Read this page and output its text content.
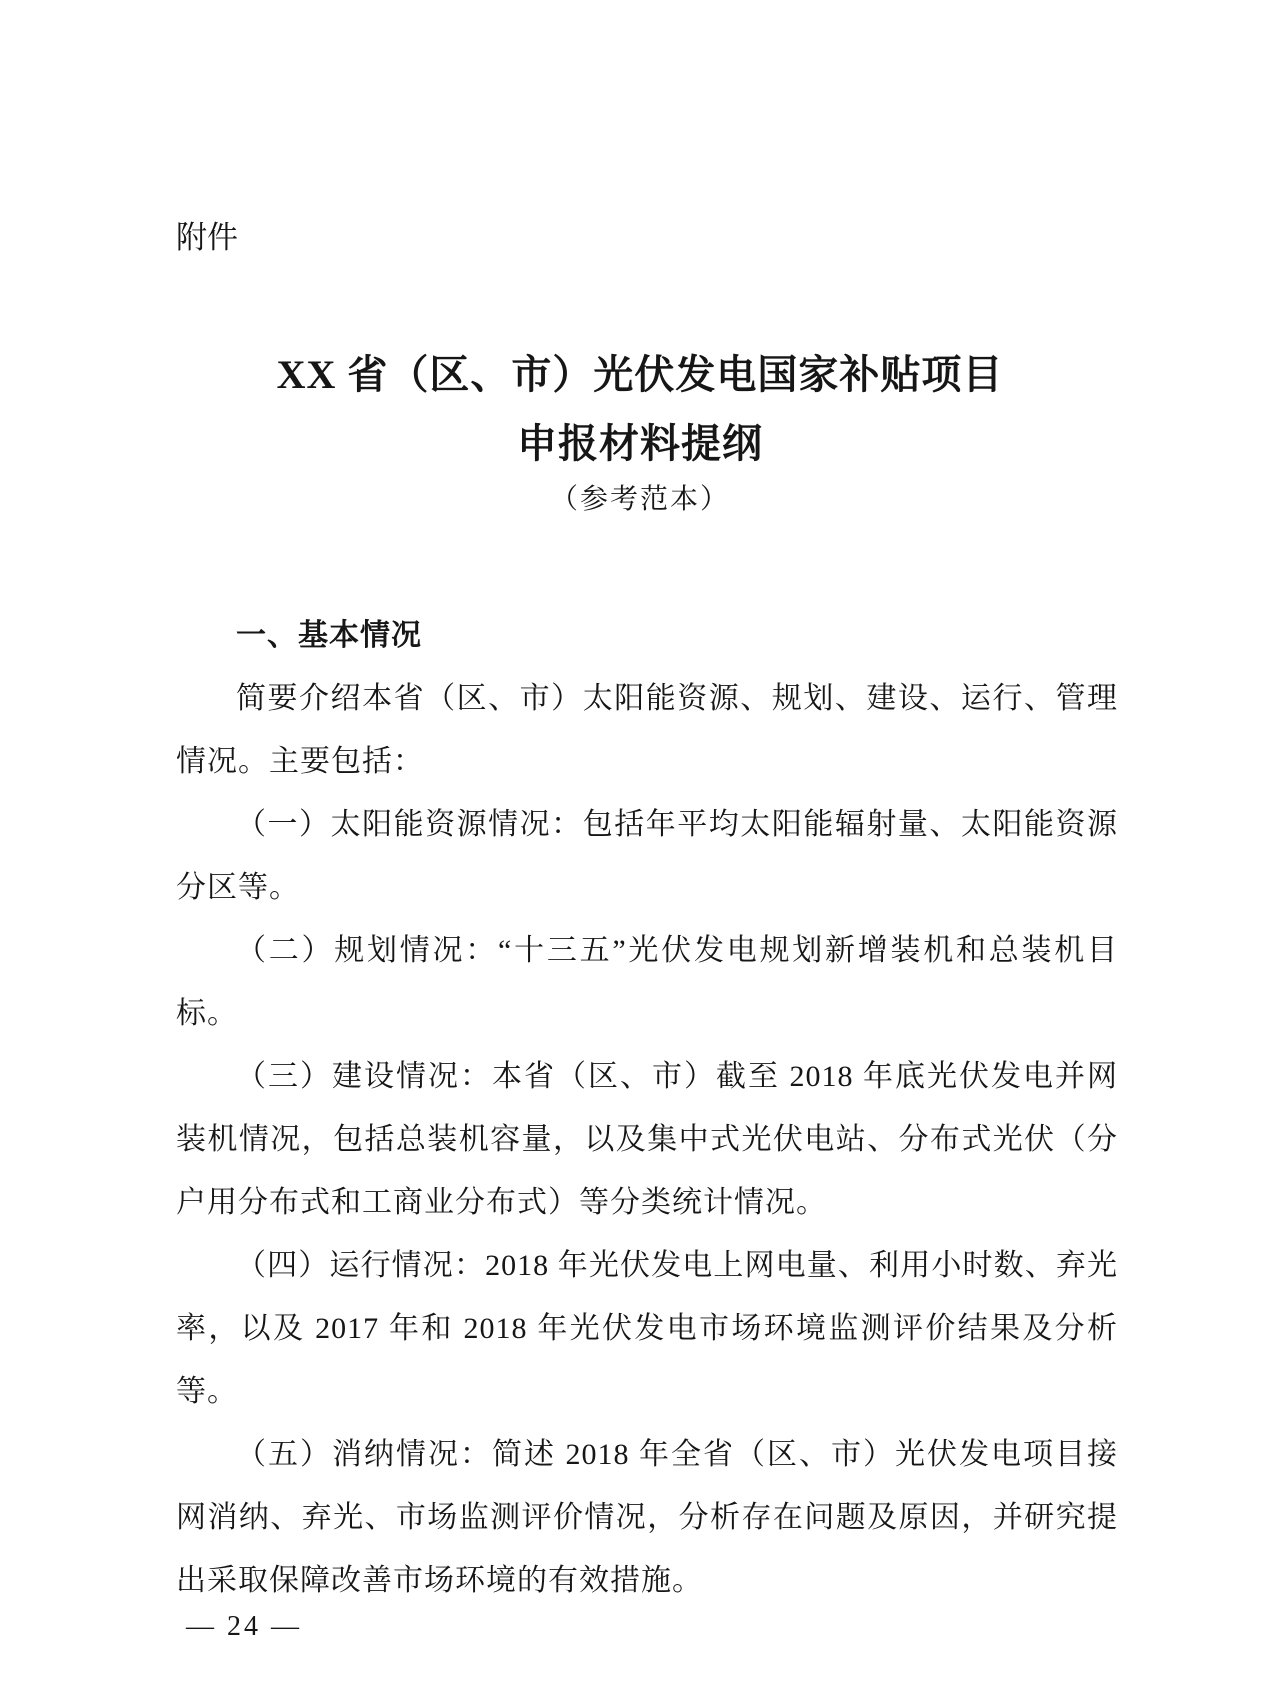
附件
XX 省（区、市）光伏发电国家补贴项目
申报材料提纲
（参考范本）
一、基本情况

简要介绍本省（区、市）太阳能资源、规划、建设、运行、管理情况。主要包括：

（一）太阳能资源情况：包括年平均太阳能辐射量、太阳能资源分区等。

（二）规划情况：“十三五”光伏发电规划新增装机和总装机目标。

（三）建设情况：本省（区、市）截至 2018 年底光伏发电并网装机情况，包括总装机容量，以及集中式光伏电站、分布式光伏（分户用分布式和工商业分布式）等分类统计情况。

（四）运行情况：2018 年光伏发电上网电量、利用小时数、弃光率，以及 2017 年和 2018 年光伏发电市场环境监测评价结果及分析等。

（五）消纳情况：简述 2018 年全省（区、市）光伏发电项目接网消纳、弃光、市场监测评价情况，分析存在问题及原因，并研究提出采取保障改善市场环境的有效措施。

— 24 —
